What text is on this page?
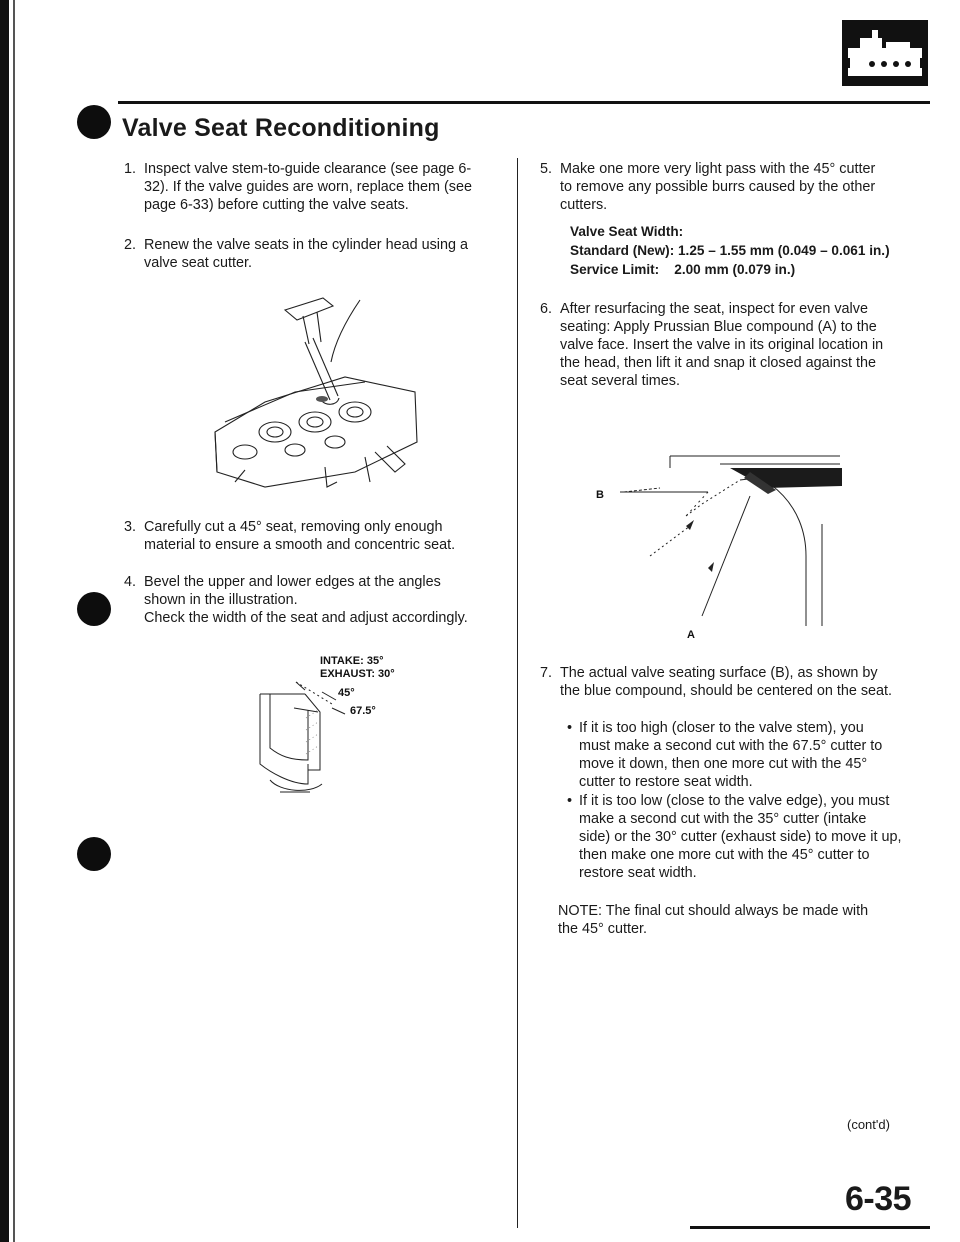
Valve Seat Reconditioning
1. Inspect valve stem-to-guide clearance (see page 6-
32). If the valve guides are worn, replace them (see
page 6-33) before cutting the valve seats.
2. Renew the valve seats in the cylinder head using a
valve seat cutter.
3. Carefully cut a 45° seat, removing only enough
material to ensure a smooth and concentric seat.
4. Bevel the upper and lower edges at the angles
shown in the illustration.
Check the width of the seat and adjust accordingly.
INTAKE: 35°
EXHAUST: 30°
45°
67.5°
5. Make one more very light pass with the 45° cutter
to remove any possible burrs caused by the other
cutters.
Valve Seat Width:
Standard (New): 1.25 – 1.55 mm (0.049 – 0.061 in.)
Service Limit:    2.00 mm (0.079 in.)
6. After resurfacing the seat, inspect for even valve
seating: Apply Prussian Blue compound (A) to the
valve face. Insert the valve in its original location in
the head, then lift it and snap it closed against the
seat several times.
B
A
7. The actual valve seating surface (B), as shown by
the blue compound, should be centered on the seat.
• If it is too high (closer to the valve stem), you
must make a second cut with the 67.5° cutter to
move it down, then one more cut with the 45°
cutter to restore seat width.
• If it is too low (close to the valve edge), you must
make a second cut with the 35° cutter (intake
side) or the 30° cutter (exhaust side) to move it up,
then make one more cut with the 45° cutter to
restore seat width.
NOTE: The final cut should always be made with
the 45° cutter.
(cont'd)
6-35
